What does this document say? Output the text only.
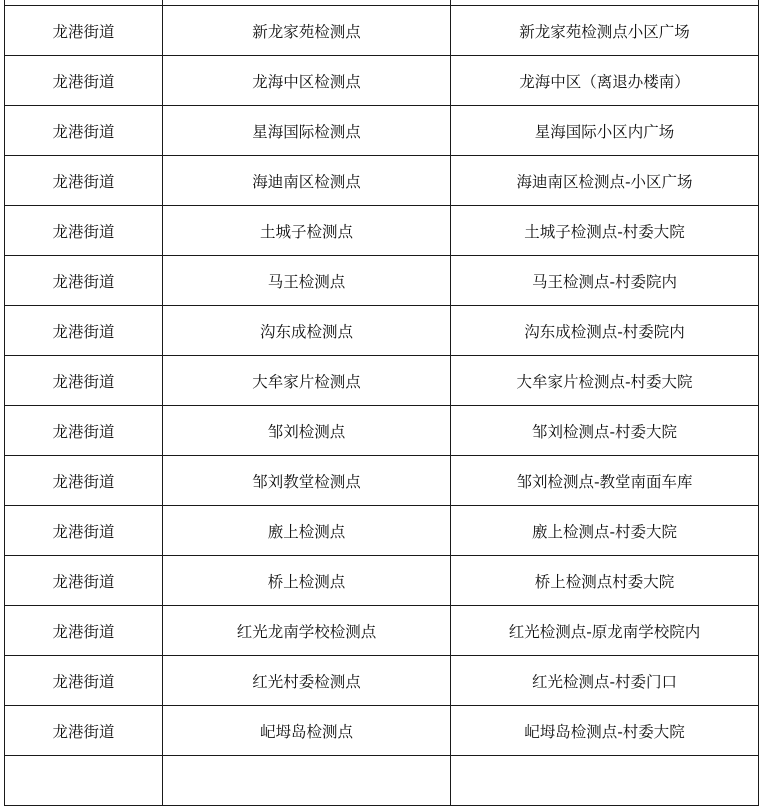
龙港街道	新龙家苑检测点	新龙家苑检测点小区广场
龙港街道	龙海中区检测点	龙海中区（离退办楼南）
龙港街道	星海国际检测点	星海国际小区内广场
龙港街道	海迪南区检测点	海迪南区检测点-小区广场
龙港街道	土城子检测点	土城子检测点-村委大院
龙港街道	马王检测点	马王检测点-村委院内
龙港街道	沟东成检测点	沟东成检测点-村委院内
龙港街道	大牟家片检测点	大牟家片检测点-村委大院
龙港街道	邹刘检测点	邹刘检测点-村委大院
龙港街道	邹刘教堂检测点	邹刘检测点-教堂南面车库
龙港街道	廒上检测点	廒上检测点-村委大院
龙港街道	桥上检测点	桥上检测点村委大院
龙港街道	红光龙南学校检测点	红光检测点-原龙南学校院内
龙港街道	红光村委检测点	红光检测点-村委门口
龙港街道	屺坶岛检测点	屺坶岛检测点-村委大院
